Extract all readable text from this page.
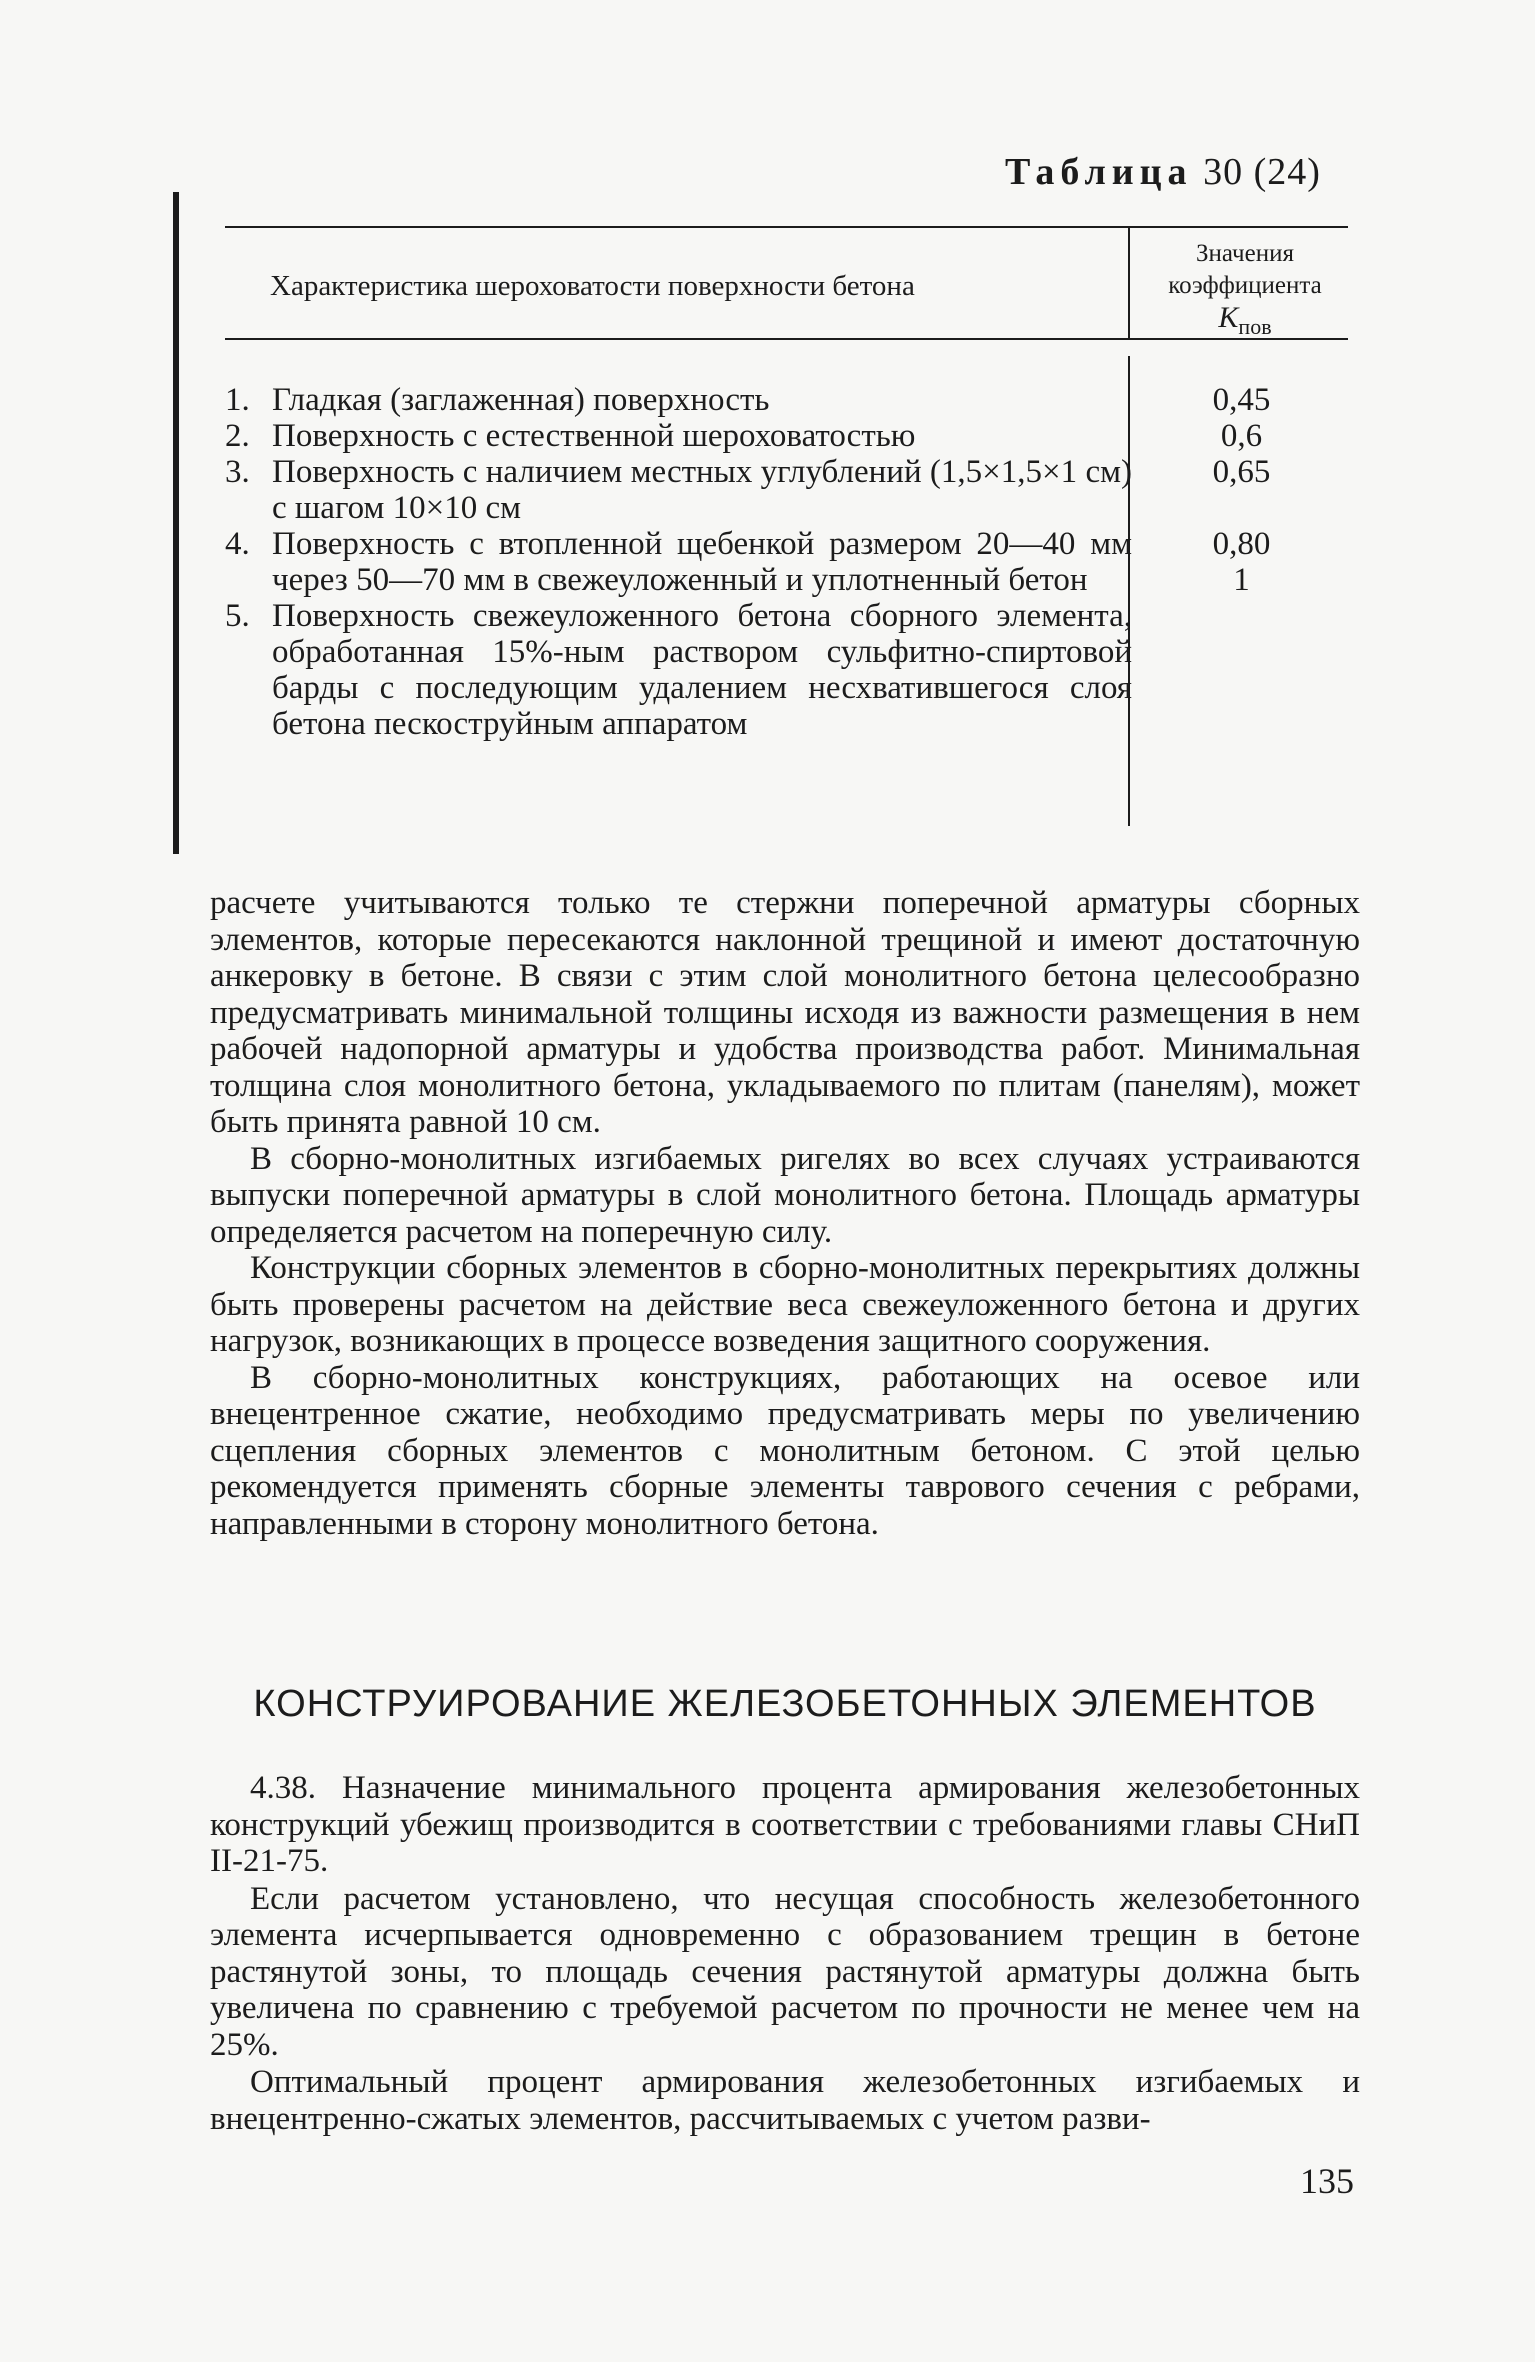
Таблица 30 (24)
Характеристика шероховатости поверхности бетона
Значения
коэффициента
$K_{пов}$
1. Гладкая (заглаженная) поверхность	0,45
2. Поверхность с естественной шероховатостью	0,6
3. Поверхность с наличием местных углублений (1,5×1,5×1 см) с шагом 10×10 см
0,65
4. Поверхность с втопленной щебенкой размером 20—40 мм через 50—70 мм в свежеуложенный и уплотненный бетон
0,80
1
5. Поверхность свежеуложенного бетона сборного элемента, обработанная 15%-ным раствором сульфитно-спиртовой барды с последующим удалением несхватившегося слоя бетона пескоструйным аппаратом

расчете учитываются только те стержни поперечной арматуры сборных элементов, которые пересекаются наклонной трещиной и имеют достаточную анкеровку в бетоне. В связи с этим слой монолитного бетона целесообразно предусматривать минимальной толщины исходя из важности размещения в нем рабочей надопорной арматуры и удобства производства работ. Минимальная толщина слоя монолитного бетона, укладываемого по плитам (панелям), может быть принята равной 10 см.

В сборно-монолитных изгибаемых ригелях во всех случаях устраиваются выпуски поперечной арматуры в слой монолитного бетона. Площадь арматуры определяется расчетом на поперечную силу.

Конструкции сборных элементов в сборно-монолитных перекрытиях должны быть проверены расчетом на действие веса свежеуложенного бетона и других нагрузок, возникающих в процессе возведения защитного сооружения.

В сборно-монолитных конструкциях, работающих на осевое или внецентренное сжатие, необходимо предусматривать меры по увеличению сцепления сборных элементов с монолитным бетоном. С этой целью рекомендуется применять сборные элементы таврового сечения с ребрами, направленными в сторону монолитного бетона.

КОНСТРУИРОВАНИЕ ЖЕЛЕЗОБЕТОННЫХ ЭЛЕМЕНТОВ

4.38. Назначение минимального процента армирования железобетонных конструкций убежищ производится в соответствии с требованиями главы СНиП II-21-75.

Если расчетом установлено, что несущая способность железобетонного элемента исчерпывается одновременно с образованием трещин в бетоне растянутой зоны, то площадь сечения растянутой арматуры должна быть увеличена по сравнению с требуемой расчетом по прочности не менее чем на 25%.

Оптимальный процент армирования железобетонных изгибаемых и внецентренно-сжатых элементов, рассчитываемых с учетом разви-

135
